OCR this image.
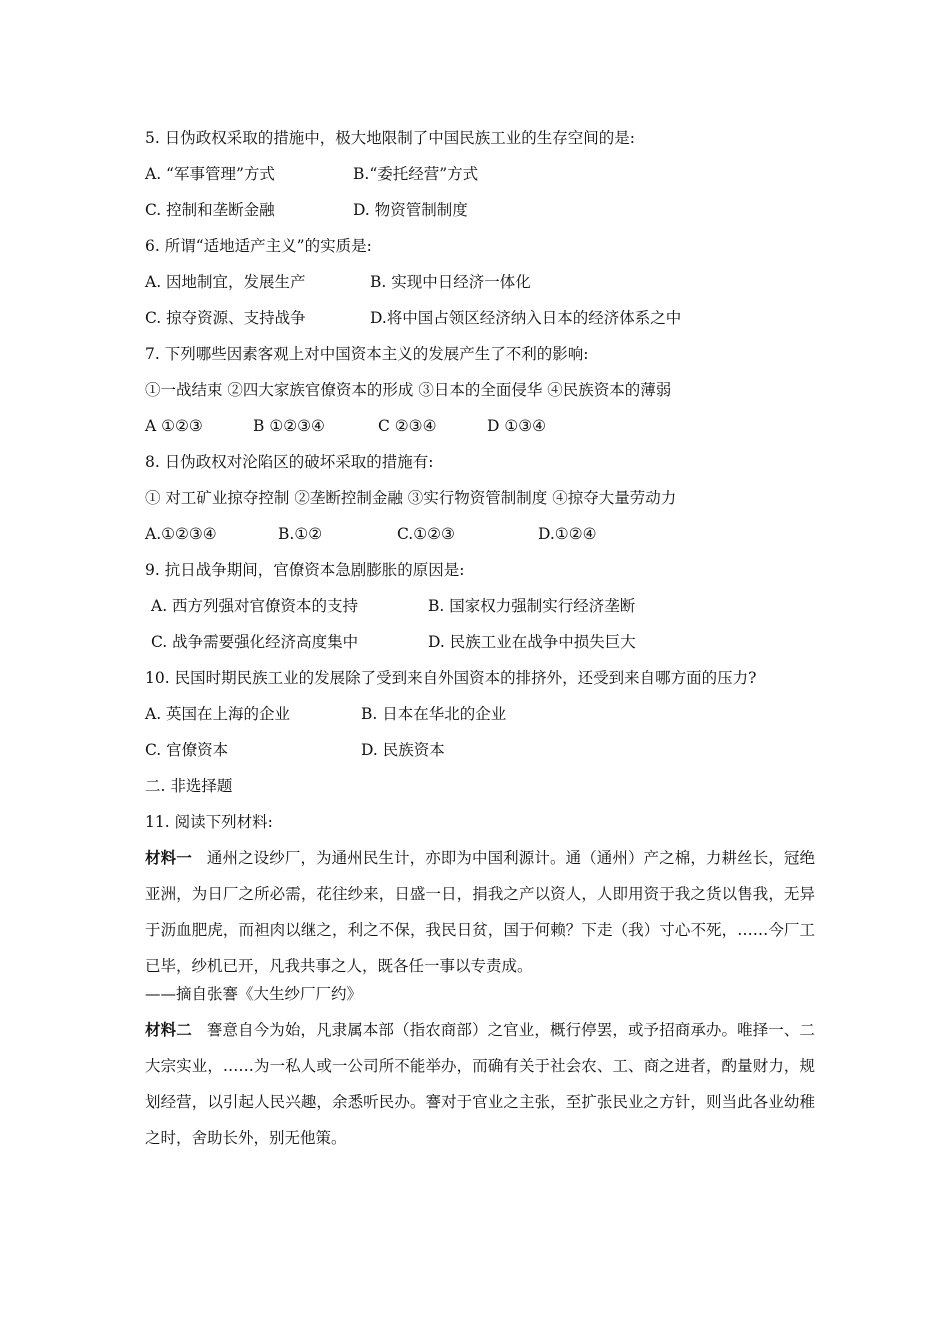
5. 日伪政权采取的措施中，极大地限制了中国民族工业的生存空间的是:
A. “军事管理”方式	B.“委托经营”方式
C. 控制和垄断金融	D. 物资管制制度
6. 所谓“适地适产主义”的实质是:
A. 因地制宜，发展生产	B. 实现中日经济一体化
C. 掠夺资源、支持战争	D.将中国占领区经济纳入日本的经济体系之中
7. 下列哪些因素客观上对中国资本主义的发展产生了不利的影响:
①一战结束 ②四大家族官僚资本的形成 ③日本的全面侵华 ④民族资本的薄弱
A ①②③	B ①②③④	C ②③④	D ①③④
8. 日伪政权对沦陷区的破坏采取的措施有:
① 对工矿业掠夺控制 ②垄断控制金融 ③实行物资管制制度 ④掠夺大量劳动力
A.①②③④	B.①②	C.①②③	D.①②④
9. 抗日战争期间，官僚资本急剧膨胀的原因是:
A. 西方列强对官僚资本的支持	B. 国家权力强制实行经济垄断
C. 战争需要强化经济高度集中	D. 民族工业在战争中损失巨大
10. 民国时期民族工业的发展除了受到来自外国资本的排挤外，还受到来自哪方面的压力?
A. 英国在上海的企业	B. 日本在华北的企业
C. 官僚资本	D. 民族资本
二. 非选择题
11. 阅读下列材料:
材料一 通州之设纱厂，为通州民生计，亦即为中国利源计。通（通州）产之棉，力耕丝长，冠绝亚洲，为日厂之所必需，花往纱来，日盛一日，捐我之产以资人，人即用资于我之货以售我，无异于沥血肥虎，而袒肉以继之，利之不保，我民日贫，国于何赖？下走（我）寸心不死，……今厂工已毕，纱机已开，凡我共事之人，既各任一事以专责成。
——摘自张謇《大生纱厂厂约》
材料二 謇意自今为始，凡隶属本部（指农商部）之官业，概行停罢，或予招商承办。唯择一、二大宗实业，……为一私人或一公司所不能举办，而确有关于社会农、工、商之进者，酌量财力，规划经营，以引起人民兴趣，余悉听民办。謇对于官业之主张，至扩张民业之方针，则当此各业幼稚之时，舍助长外，别无他策。
